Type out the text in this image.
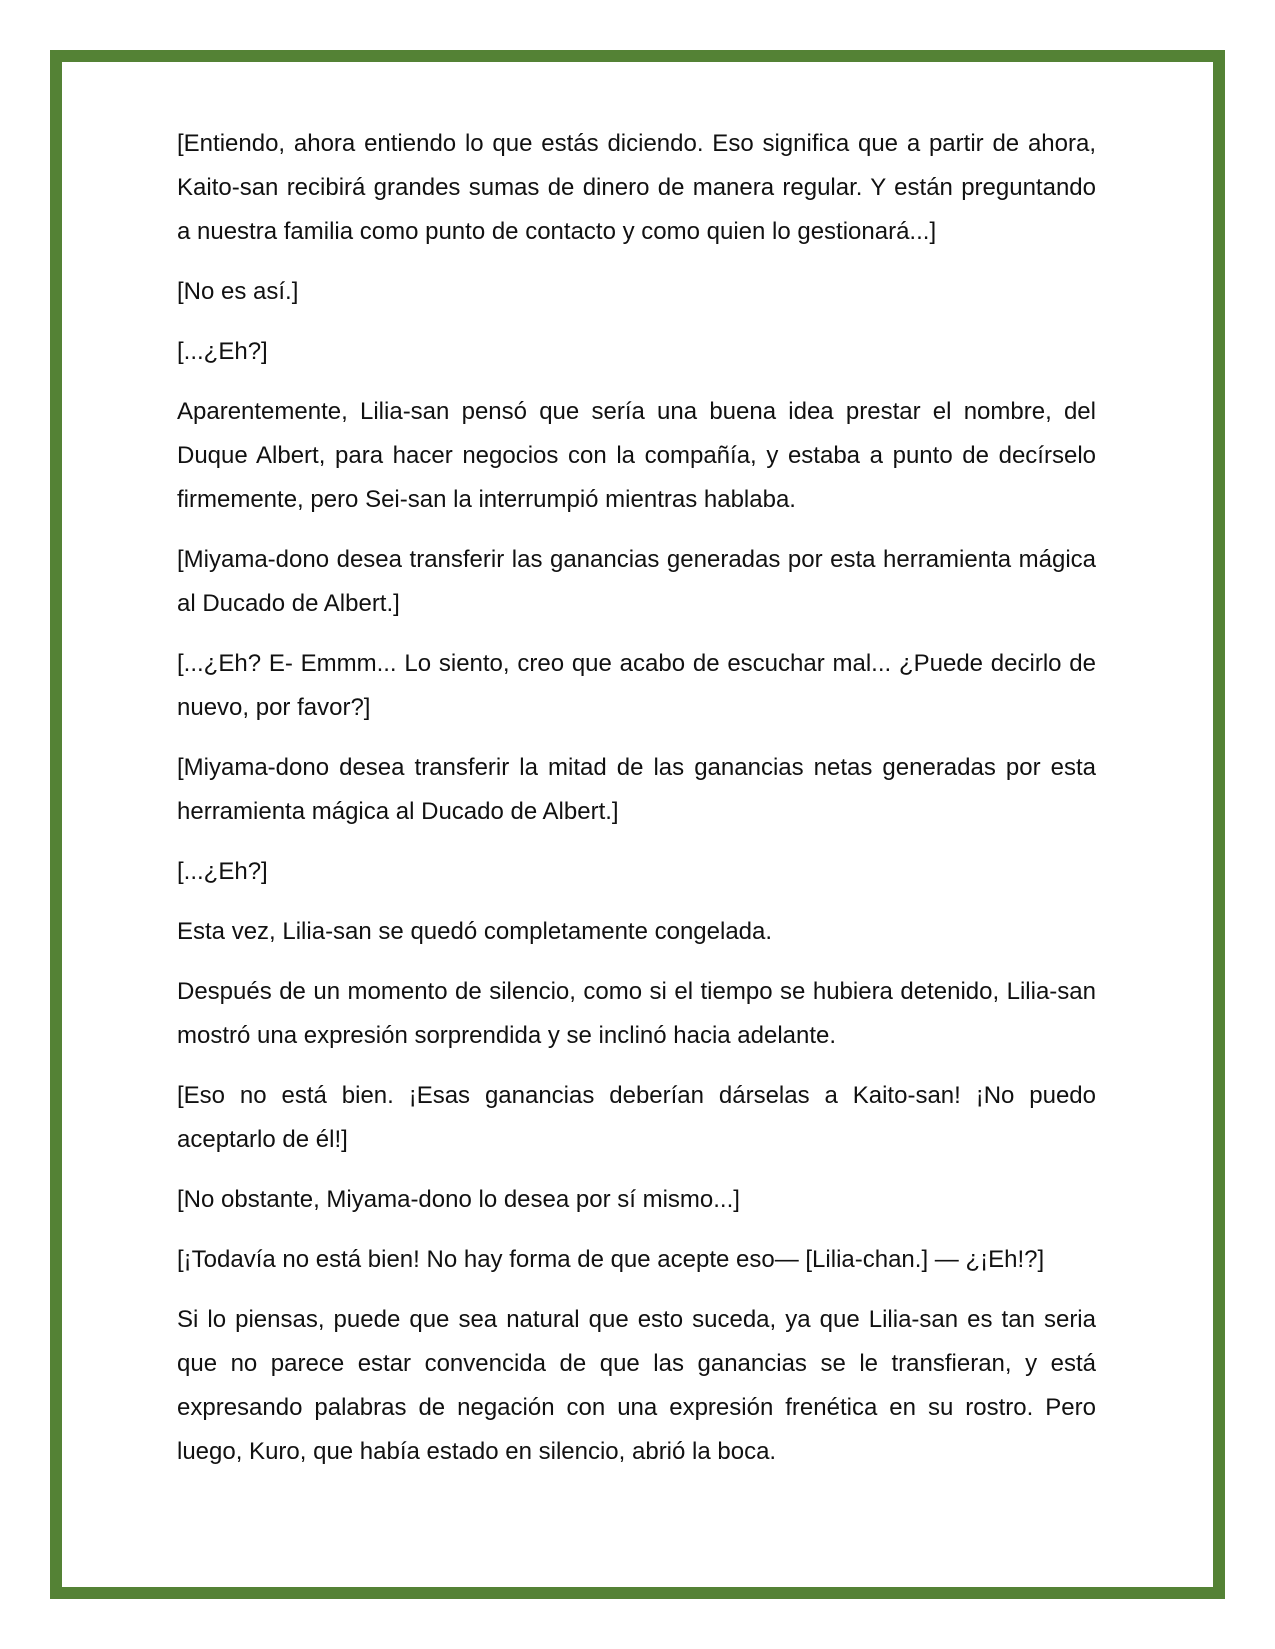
[Entiendo, ahora entiendo lo que estás diciendo. Eso significa que a partir de ahora, Kaito-san recibirá grandes sumas de dinero de manera regular. Y están preguntando a nuestra familia como punto de contacto y como quien lo gestionará...]

[No es así.]

[...¿Eh?]

Aparentemente, Lilia-san pensó que sería una buena idea prestar el nombre, del Duque Albert, para hacer negocios con la compañía, y estaba a punto de decírselo firmemente, pero Sei-san la interrumpió mientras hablaba.

[Miyama-dono desea transferir las ganancias generadas por esta herramienta mágica al Ducado de Albert.]

[...¿Eh? E- Emmm... Lo siento, creo que acabo de escuchar mal... ¿Puede decirlo de nuevo, por favor?]

[Miyama-dono desea transferir la mitad de las ganancias netas generadas por esta herramienta mágica al Ducado de Albert.]

[...¿Eh?]

Esta vez, Lilia-san se quedó completamente congelada.

Después de un momento de silencio, como si el tiempo se hubiera detenido, Lilia-san mostró una expresión sorprendida y se inclinó hacia adelante.

[Eso no está bien. ¡Esas ganancias deberían dárselas a Kaito-san! ¡No puedo aceptarlo de él!]

[No obstante, Miyama-dono lo desea por sí mismo...]

[¡Todavía no está bien! No hay forma de que acepte eso— [Lilia-chan.] — ¿¡Eh!?]

Si lo piensas, puede que sea natural que esto suceda, ya que Lilia-san es tan seria que no parece estar convencida de que las ganancias se le transfieran, y está expresando palabras de negación con una expresión frenética en su rostro. Pero luego, Kuro, que había estado en silencio, abrió la boca.
